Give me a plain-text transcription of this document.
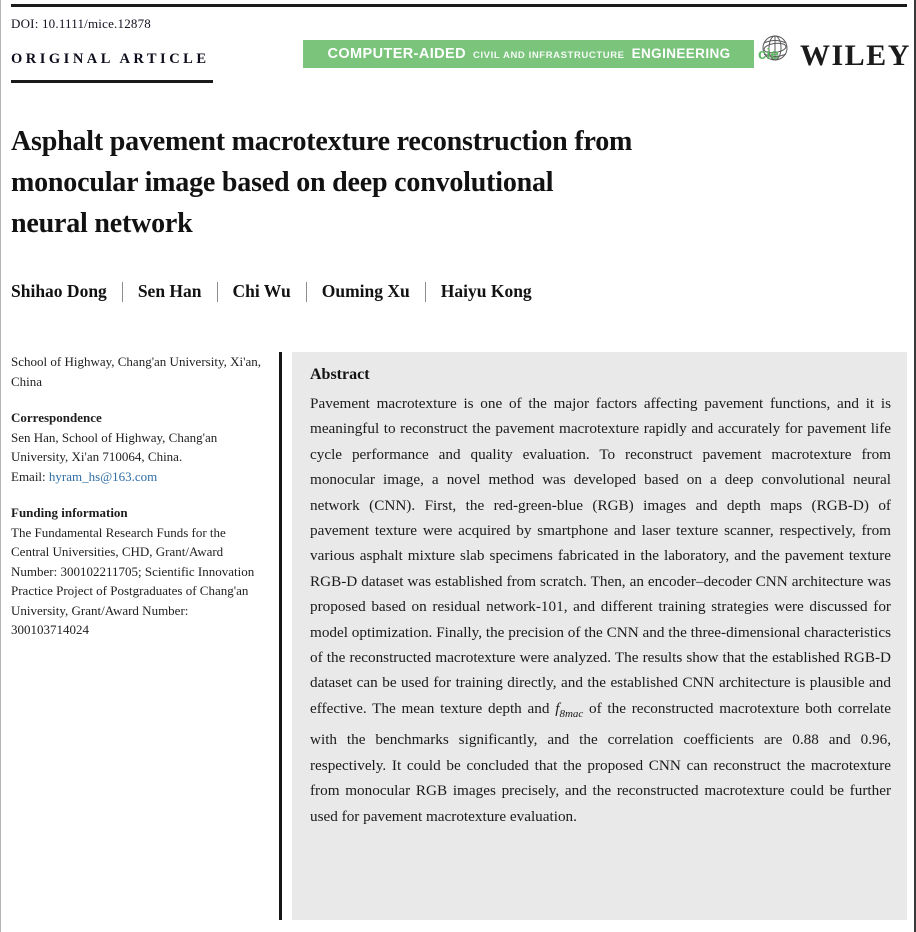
DOI: 10.1111/mice.12878
ORIGINAL ARTICLE	COMPUTER-AIDED CIVIL AND INFRASTRUCTURE ENGINEERING cie WILEY
Asphalt pavement macrotexture reconstruction from
monocular image based on deep convolutional
neural network
Shihao Dong Sen Han Chi Wu Ouming Xu Haiyu Kong

School of Highway, Chang'an University, Xi'an, China

Correspondence
Sen Han, School of Highway, Chang'an University, Xi'an 710064, China.
Email: hyram_hs@163.com
Funding information
The Fundamental Research Funds for the Central Universities, CHD, Grant/Award Number: 300102211705; Scientific Innovation Practice Project of Postgraduates of Chang'an University, Grant/Award Number: 300103714024
Abstract

Pavement macrotexture is one of the major factors affecting pavement functions, and it is meaningful to reconstruct the pavement macrotexture rapidly and accurately for pavement life cycle performance and quality evaluation. To reconstruct pavement macrotexture from monocular image, a novel method was developed based on a deep convolutional neural network (CNN). First, the red-green-blue (RGB) images and depth maps (RGB-D) of pavement texture were acquired by smartphone and laser texture scanner, respectively, from various asphalt mixture slab specimens fabricated in the laboratory, and the pavement texture RGB-D dataset was established from scratch. Then, an encoder–decoder CNN architecture was proposed based on residual network-101, and different training strategies were discussed for model optimization. Finally, the precision of the CNN and the three-dimensional characteristics of the reconstructed macrotexture were analyzed. The results show that the established RGB-D dataset can be used for training directly, and the established CNN architecture is plausible and effective. The mean texture depth and $f_{8mac}$ of the reconstructed macrotexture both correlate with the benchmarks significantly, and the correlation coefficients are 0.88 and 0.96, respectively. It could be concluded that the proposed CNN can reconstruct the macrotexture from monocular RGB images precisely, and the reconstructed macrotexture could be further used for pavement macrotexture evaluation.
